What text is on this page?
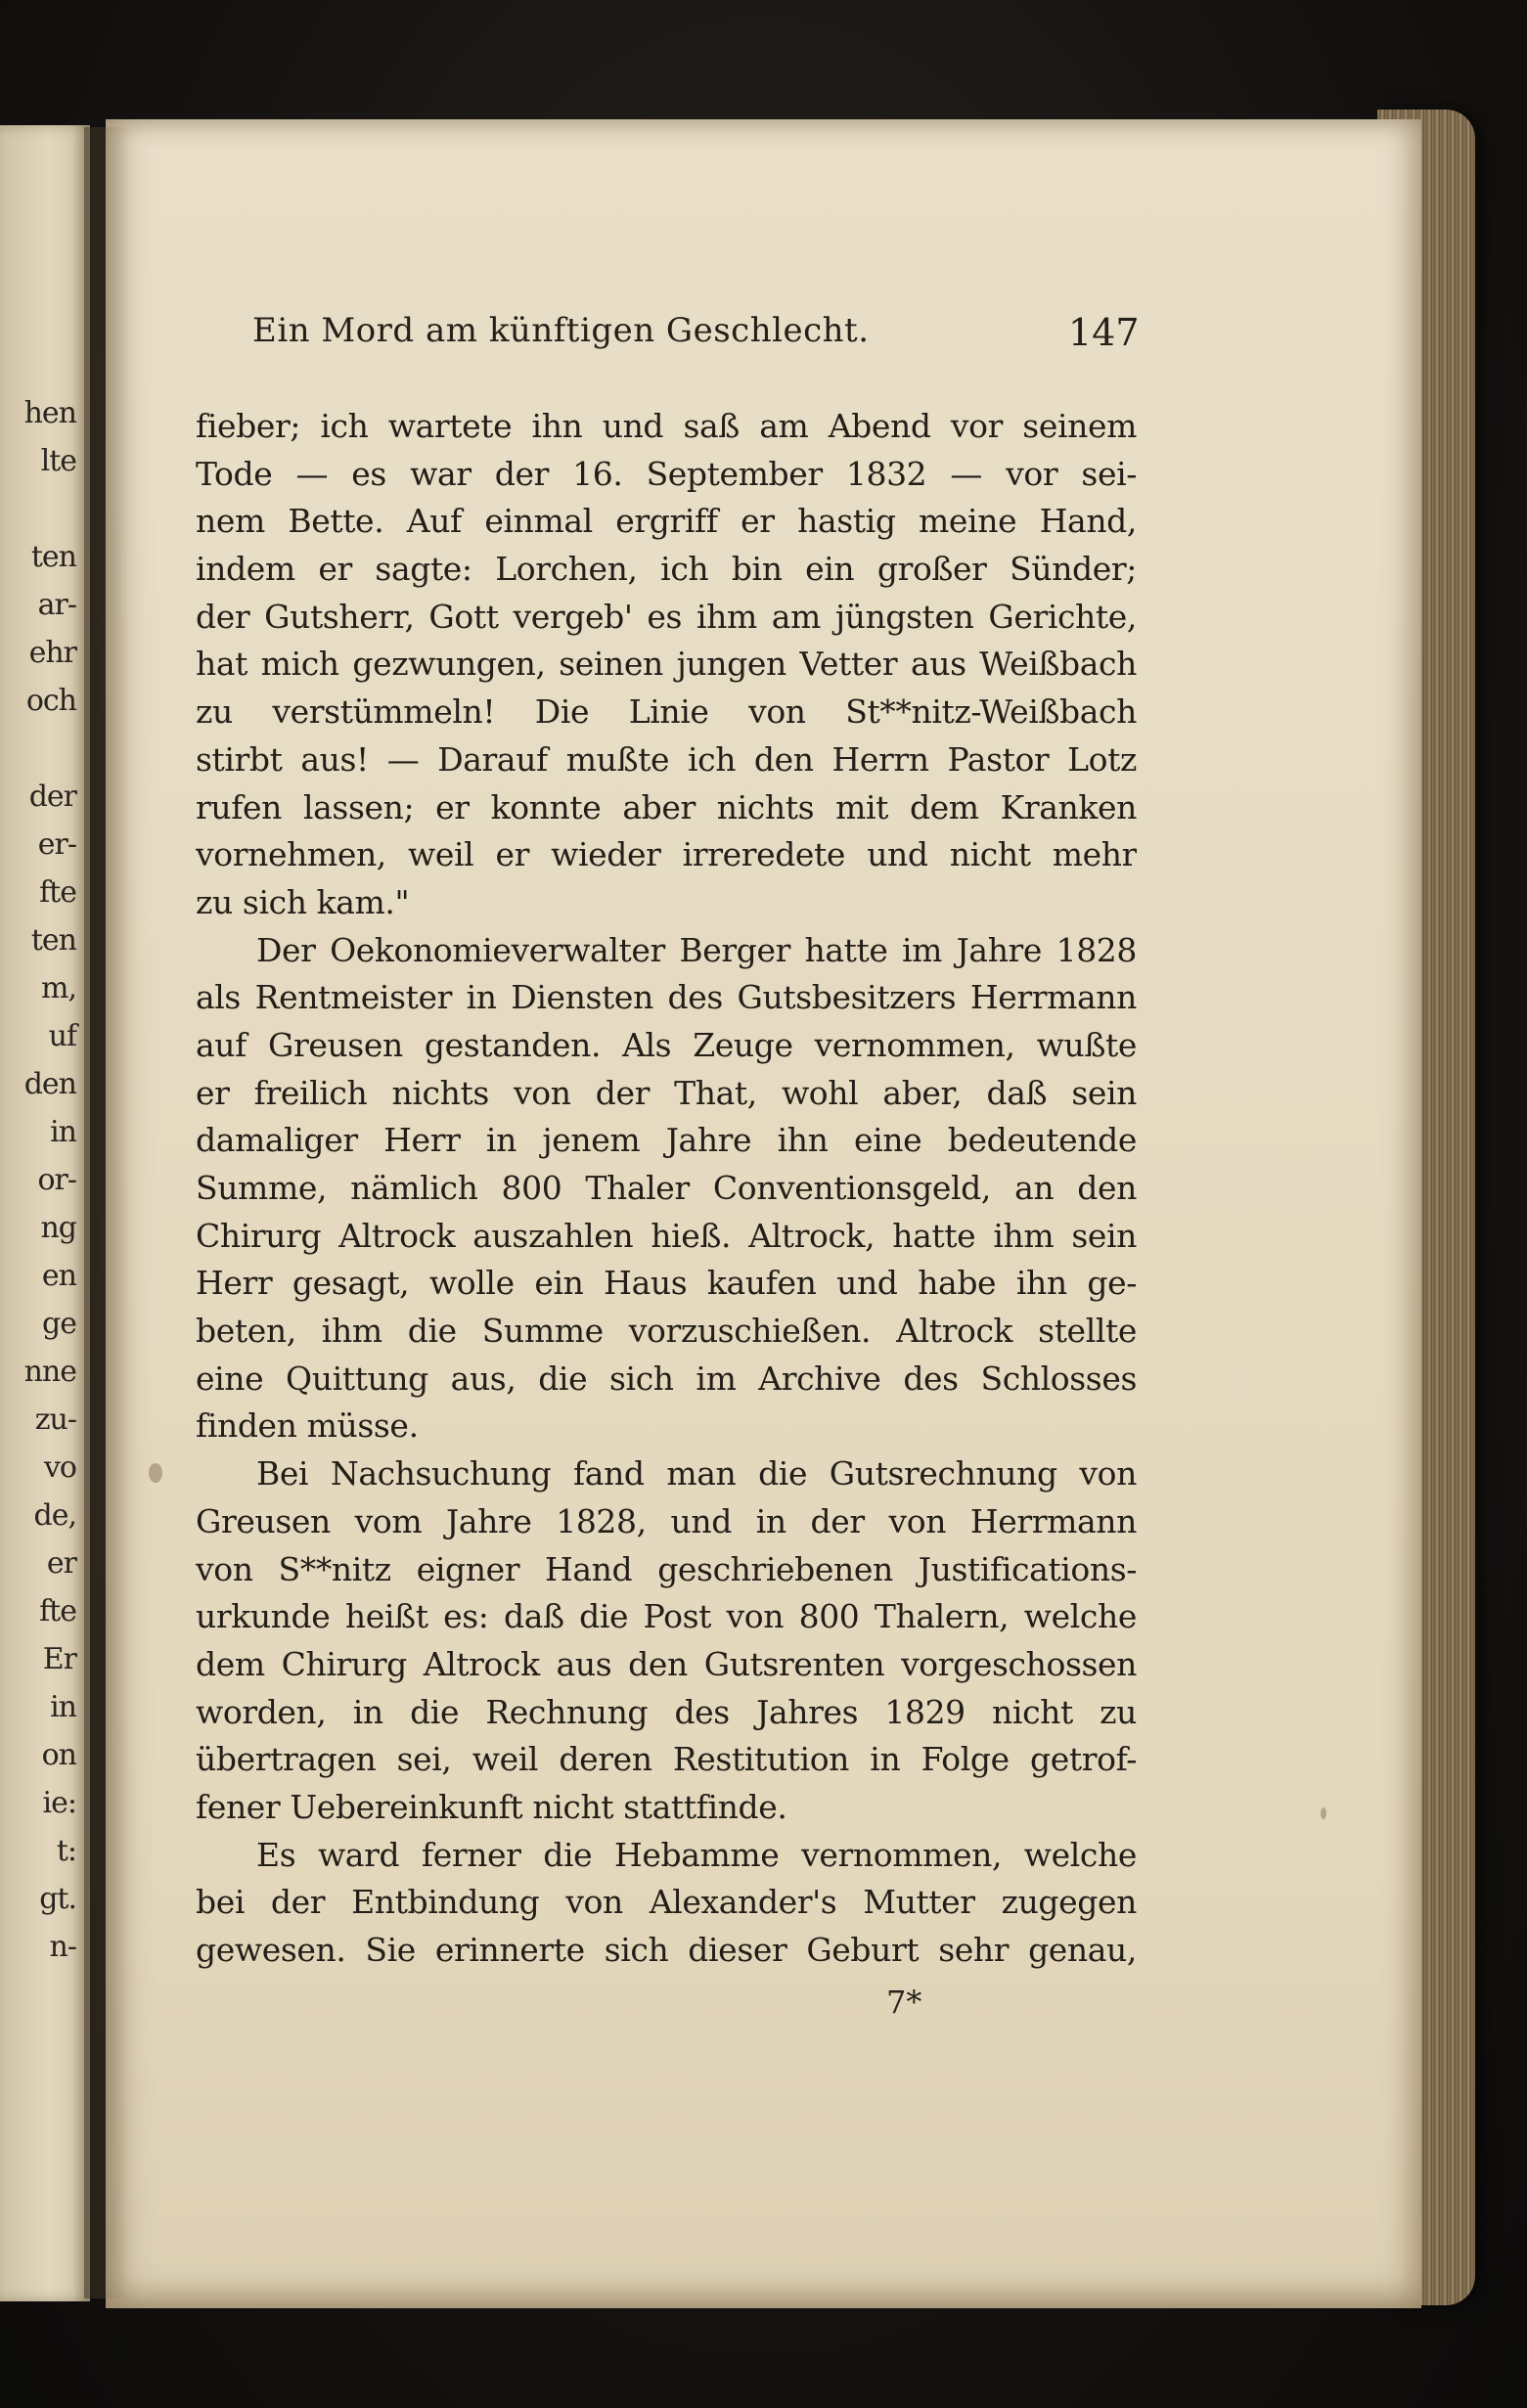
hen
lte
ten
ar-
ehr
och
der
er-
fte
ten
m,
uf
den
in
or-
ng
en
ge
nne
zu-
vo
de,
er
fte
Er
in
on
ie:
t:
gt.
n-
Ein Mord am künftigen Geschlecht.	147
fieber; ich wartete ihn und saß am Abend vor seinem
Tode — es war der 16. September 1832 — vor sei-
nem Bette. Auf einmal ergriff er hastig meine Hand,
indem er sagte: Lorchen, ich bin ein großer Sünder;
der Gutsherr, Gott vergeb' es ihm am jüngsten Gerichte,
hat mich gezwungen, seinen jungen Vetter aus Weißbach
zu verstümmeln! Die Linie von St**nitz-Weißbach
stirbt aus! — Darauf mußte ich den Herrn Pastor Lotz
rufen lassen; er konnte aber nichts mit dem Kranken
vornehmen, weil er wieder irreredete und nicht mehr
zu sich kam."
Der Oekonomieverwalter Berger hatte im Jahre 1828
als Rentmeister in Diensten des Gutsbesitzers Herrmann
auf Greusen gestanden. Als Zeuge vernommen, wußte
er freilich nichts von der That, wohl aber, daß sein
damaliger Herr in jenem Jahre ihn eine bedeutende
Summe, nämlich 800 Thaler Conventionsgeld, an den
Chirurg Altrock auszahlen hieß. Altrock, hatte ihm sein
Herr gesagt, wolle ein Haus kaufen und habe ihn ge-
beten, ihm die Summe vorzuschießen. Altrock stellte
eine Quittung aus, die sich im Archive des Schlosses
finden müsse.
Bei Nachsuchung fand man die Gutsrechnung von
Greusen vom Jahre 1828, und in der von Herrmann
von S**nitz eigner Hand geschriebenen Justifications-
urkunde heißt es: daß die Post von 800 Thalern, welche
dem Chirurg Altrock aus den Gutsrenten vorgeschossen
worden, in die Rechnung des Jahres 1829 nicht zu
übertragen sei, weil deren Restitution in Folge getrof-
fener Uebereinkunft nicht stattfinde.
Es ward ferner die Hebamme vernommen, welche
bei der Entbindung von Alexander's Mutter zugegen
gewesen. Sie erinnerte sich dieser Geburt sehr genau,
7*
